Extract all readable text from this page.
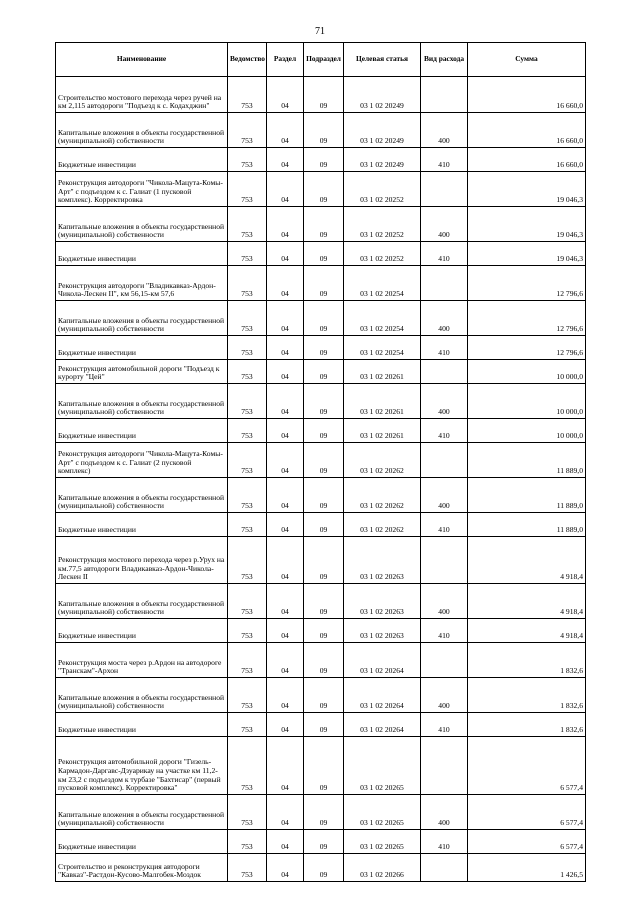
71
Наименование	Ведомство	Раздел	Подраздел	Целевая статья	Вид расхода	Сумма
Строительство мостового перехода через ручей на км 2,115 автодороги "Подъезд к с. Кодахджин"	753	04	09	03 1 02 20249		16 660,0
Капитальные вложения в объекты государственной (муниципальной) собственности	753	04	09	03 1 02 20249	400	16 660,0
Бюджетные инвестиции	753	04	09	03 1 02 20249	410	16 660,0
Реконструкция автодороги "Чикола-Мацута-Комы-Арт" с подъездом к с. Галиат (1 пусковой комплекс). Корректировка	753	04	09	03 1 02 20252		19 046,3
Капитальные вложения в объекты государственной (муниципальной) собственности	753	04	09	03 1 02 20252	400	19 046,3
Бюджетные инвестиции	753	04	09	03 1 02 20252	410	19 046,3
Реконструкция автодороги "Владикавказ-Ардон-Чикола-Лескен II", км 56,15-км 57,6	753	04	09	03 1 02 20254		12 796,6
Капитальные вложения в объекты государственной (муниципальной) собственности	753	04	09	03 1 02 20254	400	12 796,6
Бюджетные инвестиции	753	04	09	03 1 02 20254	410	12 796,6
Реконструкция автомобильной дороги "Подъезд к курорту "Цей"	753	04	09	03 1 02 20261		10 000,0
Капитальные вложения в объекты государственной (муниципальной) собственности	753	04	09	03 1 02 20261	400	10 000,0
Бюджетные инвестиции	753	04	09	03 1 02 20261	410	10 000,0
Реконструкция автодороги "Чикола-Мацута-Комы-Арт" с подъездом к с. Галиат (2 пусковой комплекс)	753	04	09	03 1 02 20262		11 889,0
Капитальные вложения в объекты государственной (муниципальной) собственности	753	04	09	03 1 02 20262	400	11 889,0
Бюджетные инвестиции	753	04	09	03 1 02 20262	410	11 889,0
Реконструкция мостового перехода через р.Урух на км.77,5 автодороги Владикавказ-Ардон-Чикола-Лескен II	753	04	09	03 1 02 20263		4 918,4
Капитальные вложения в объекты государственной (муниципальной) собственности	753	04	09	03 1 02 20263	400	4 918,4
Бюджетные инвестиции	753	04	09	03 1 02 20263	410	4 918,4
Реконструкция моста через р.Ардон на автодороге "Транскам"-Архон	753	04	09	03 1 02 20264		1 832,6
Капитальные вложения в объекты государственной (муниципальной) собственности	753	04	09	03 1 02 20264	400	1 832,6
Бюджетные инвестиции	753	04	09	03 1 02 20264	410	1 832,6
Реконструкция автомобильной дороги "Гизель-Кармадон-Даргавс-Дзуарикау на участке км 11,2-км 23,2 с подъездом к турбазе "Бахтисар" (первый пусковой комплекс). Корректировка"	753	04	09	03 1 02 20265		6 577,4
Капитальные вложения в объекты государственной (муниципальной) собственности	753	04	09	03 1 02 20265	400	6 577,4
Бюджетные инвестиции	753	04	09	03 1 02 20265	410	6 577,4
Строительство и реконструкция автодороги "Кавказ"-Растдон-Кусово-Малгобек-Моздок	753	04	09	03 1 02 20266		1 426,5
